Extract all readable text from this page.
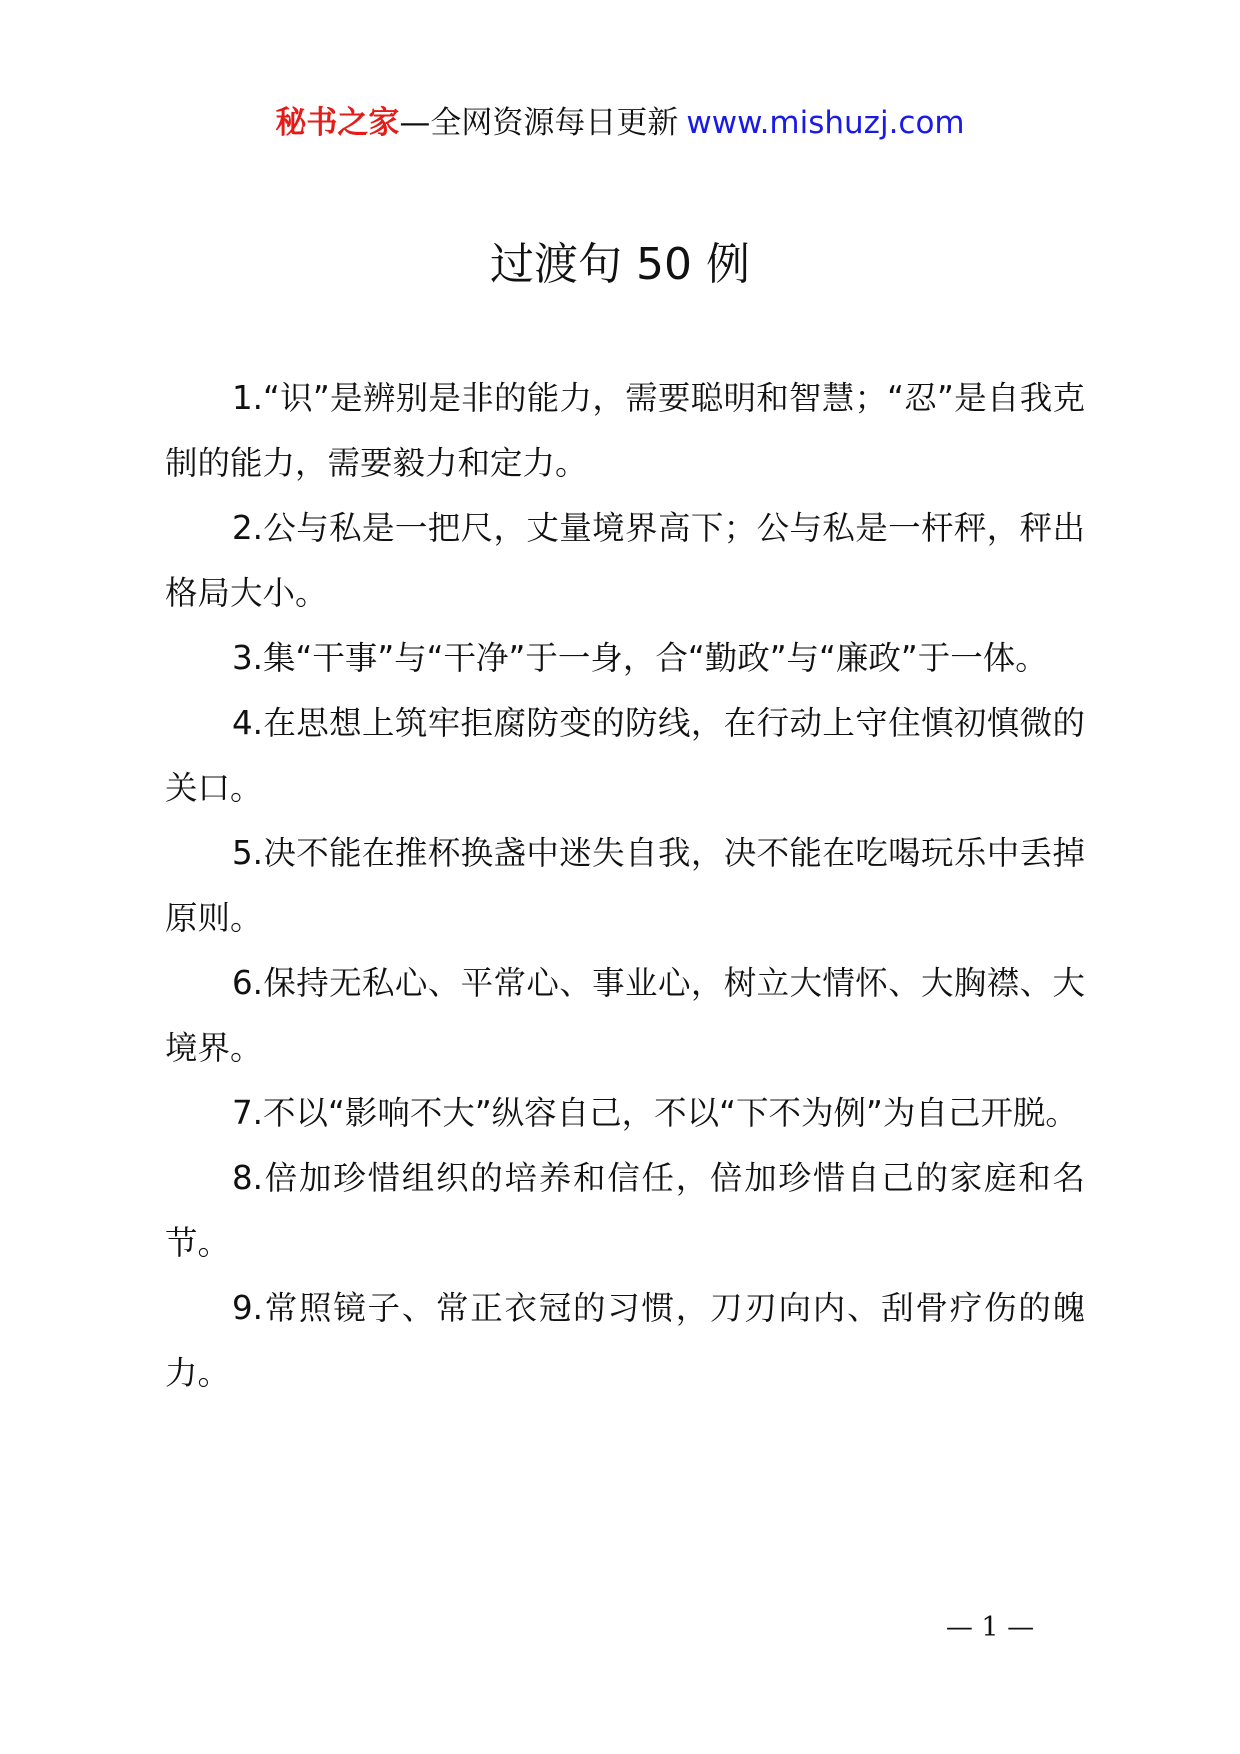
秘书之家—全网资源每日更新 www.mishuzj.com
过渡句 50 例

1.“识”是辨别是非的能力，需要聪明和智慧；“忍”是自我克制的能力，需要毅力和定力。

2.公与私是一把尺，丈量境界高下；公与私是一杆秤，秤出格局大小。

3.集“干事”与“干净”于一身，合“勤政”与“廉政”于一体。

4.在思想上筑牢拒腐防变的防线，在行动上守住慎初慎微的关口。

5.决不能在推杯换盏中迷失自我，决不能在吃喝玩乐中丢掉原则。

6.保持无私心、平常心、事业心，树立大情怀、大胸襟、大境界。

7.不以“影响不大”纵容自己，不以“下不为例”为自己开脱。

8.倍加珍惜组织的培养和信任，倍加珍惜自己的家庭和名节。

9.常照镜子、常正衣冠的习惯，刀刃向内、刮骨疗伤的魄力。

— 1 —
